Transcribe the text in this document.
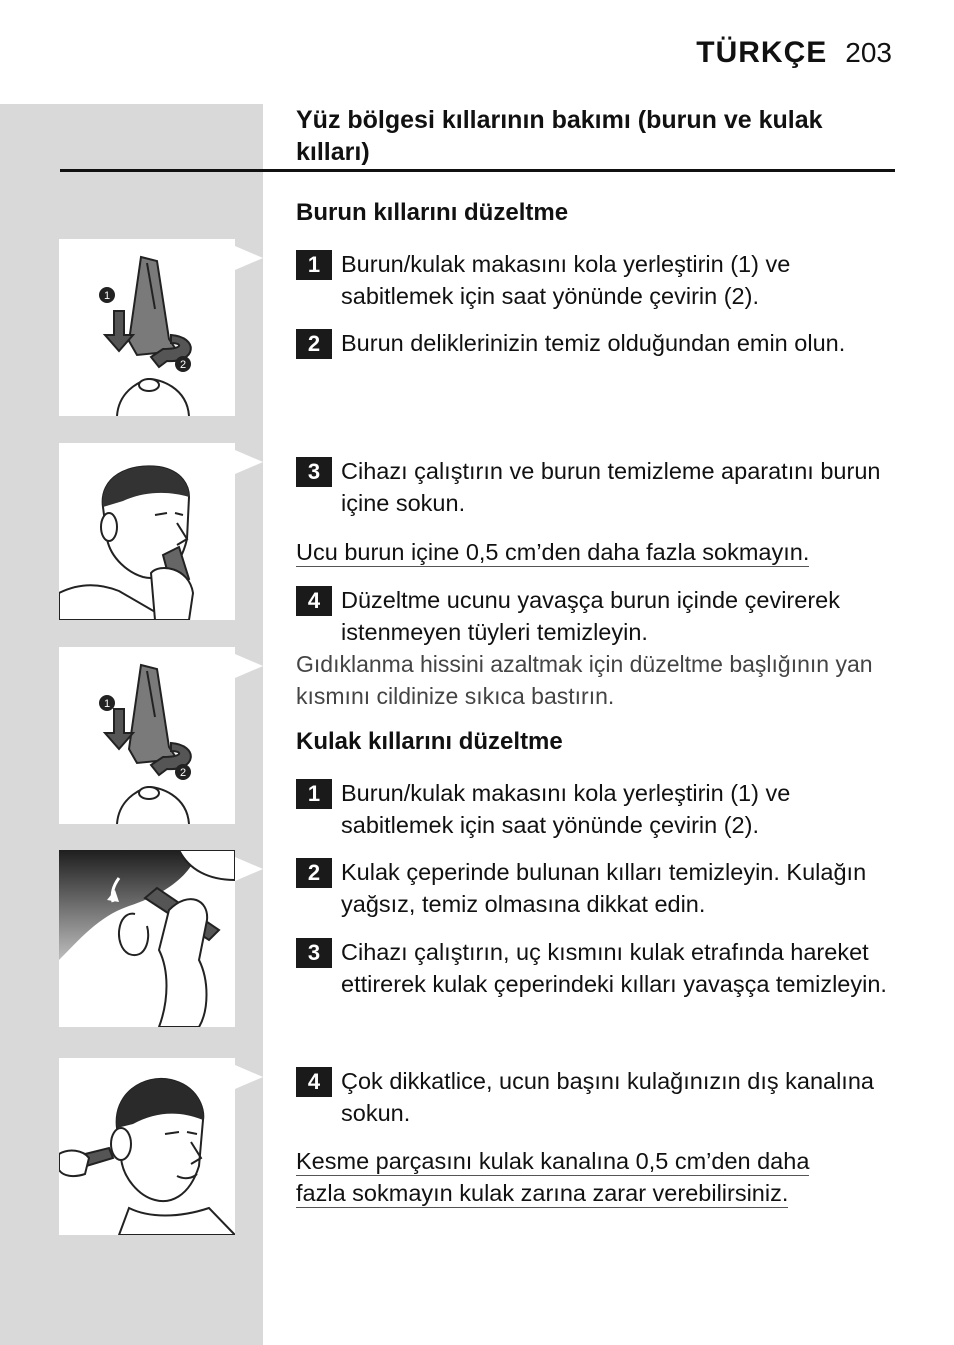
TÜRKÇE 203
Yüz bölgesi kıllarının bakımı (burun ve kulak kılları)
Burun kıllarını düzeltme
1 Burun/kulak makasını kola yerleştirin (1) ve sabitlemek için saat yönünde çevirin (2).
2 Burun deliklerinizin temiz olduğundan emin olun.
3 Cihazı çalıştırın ve burun temizleme aparatını burun içine sokun.
Ucu burun içine 0,5 cm’den daha fazla sokmayın.
4 Düzeltme ucunu yavaşça burun içinde çevirerek istenmeyen tüyleri temizleyin.
Gıdıklanma hissini azaltmak için düzeltme başlığının yan kısmını cildinize sıkıca bastırın.
Kulak kıllarını düzeltme
1 Burun/kulak makasını kola yerleştirin (1) ve sabitlemek için saat yönünde çevirin (2).
2 Kulak çeperinde bulunan kılları temizleyin. Kulağın yağsız, temiz olmasına dikkat edin.
3 Cihazı çalıştırın, uç kısmını kulak etrafında hareket ettirerek kulak çeperindeki kılları yavaşça temizleyin.
4 Çok dikkatlice, ucun başını kulağınızın dış kanalına sokun.
Kesme parçasını kulak kanalına 0,5 cm’den daha
fazla sokmayın kulak zarına zarar verebilirsiniz.
1
2
1
2
